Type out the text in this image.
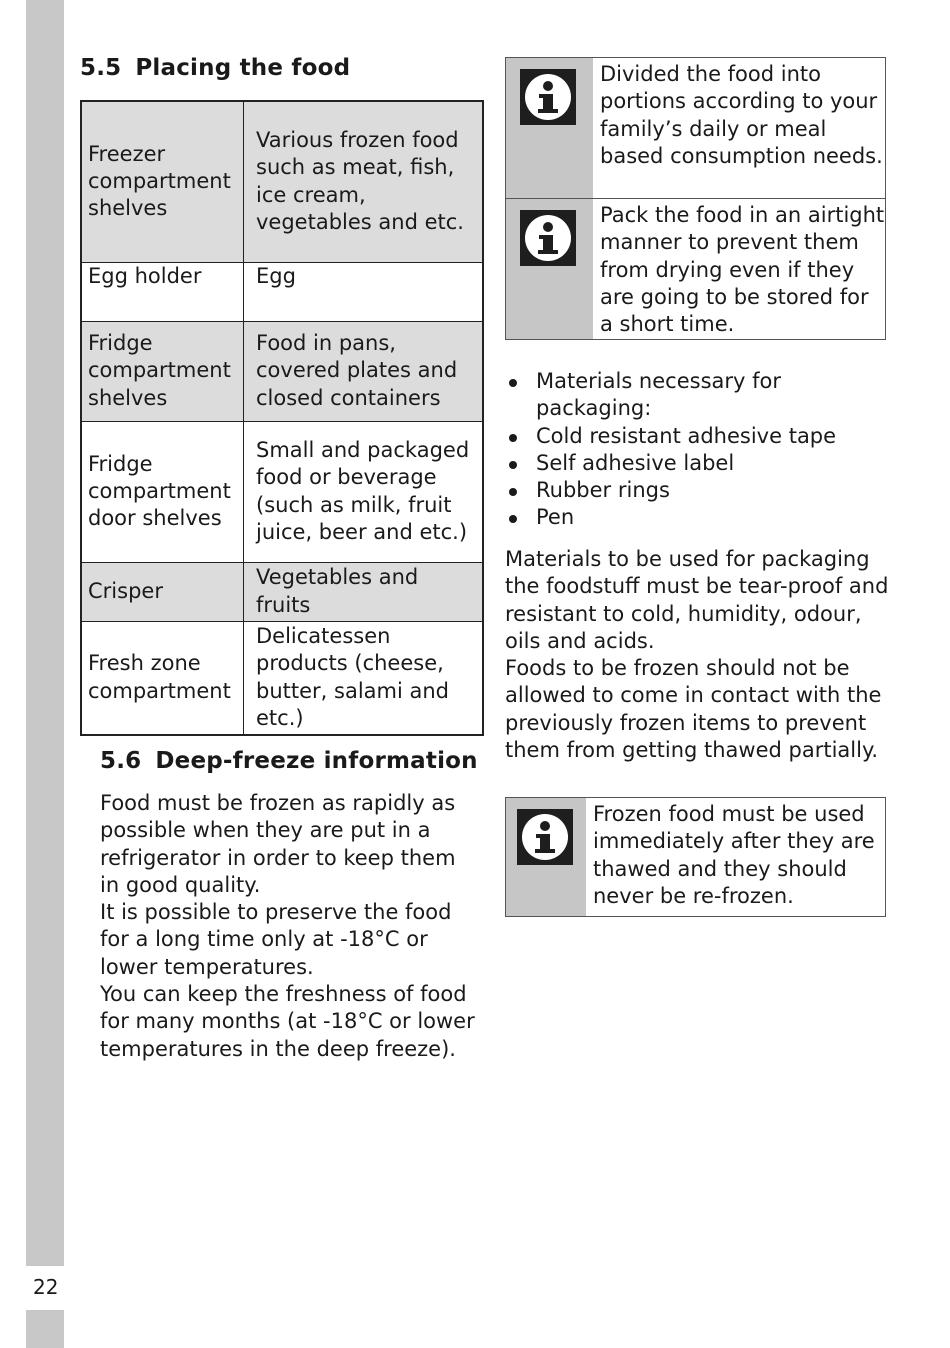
22
5.5 Placing the food
Freezer compartment shelves	Various frozen food such as meat, fish, ice cream, vegetables and etc.
Egg holder	Egg
Fridge compartment shelves	Food in pans, covered plates and closed containers
Fridge compartment door shelves	Small and packaged food or beverage (such as milk, fruit juice, beer and etc.)
Crisper	Vegetables and fruits
Fresh zone compartment	Delicatessen products (cheese, butter, salami and etc.)
5.6 Deep-freeze information

Food must be frozen as rapidly as possible when they are put in a refrigerator in order to keep them in good quality.

It is possible to preserve the food for a long time only at -18°C or lower temperatures.

You can keep the freshness of food for many months (at -18°C or lower temperatures in the deep freeze).

Divided the food into portions according to your family’s daily or meal based consumption needs.
Pack the food in an airtight manner to prevent them from drying even if they are going to be stored for a short time.
Materials necessary for packaging:
Cold resistant adhesive tape
Self adhesive label
Rubber rings
Pen

Materials to be used for packaging the foodstuff must be tear-proof and resistant to cold, humidity, odour, oils and acids.

Foods to be frozen should not be allowed to come in contact with the previously frozen items to prevent them from getting thawed partially.

Frozen food must be used immediately after they are thawed and they should never be re-frozen.
